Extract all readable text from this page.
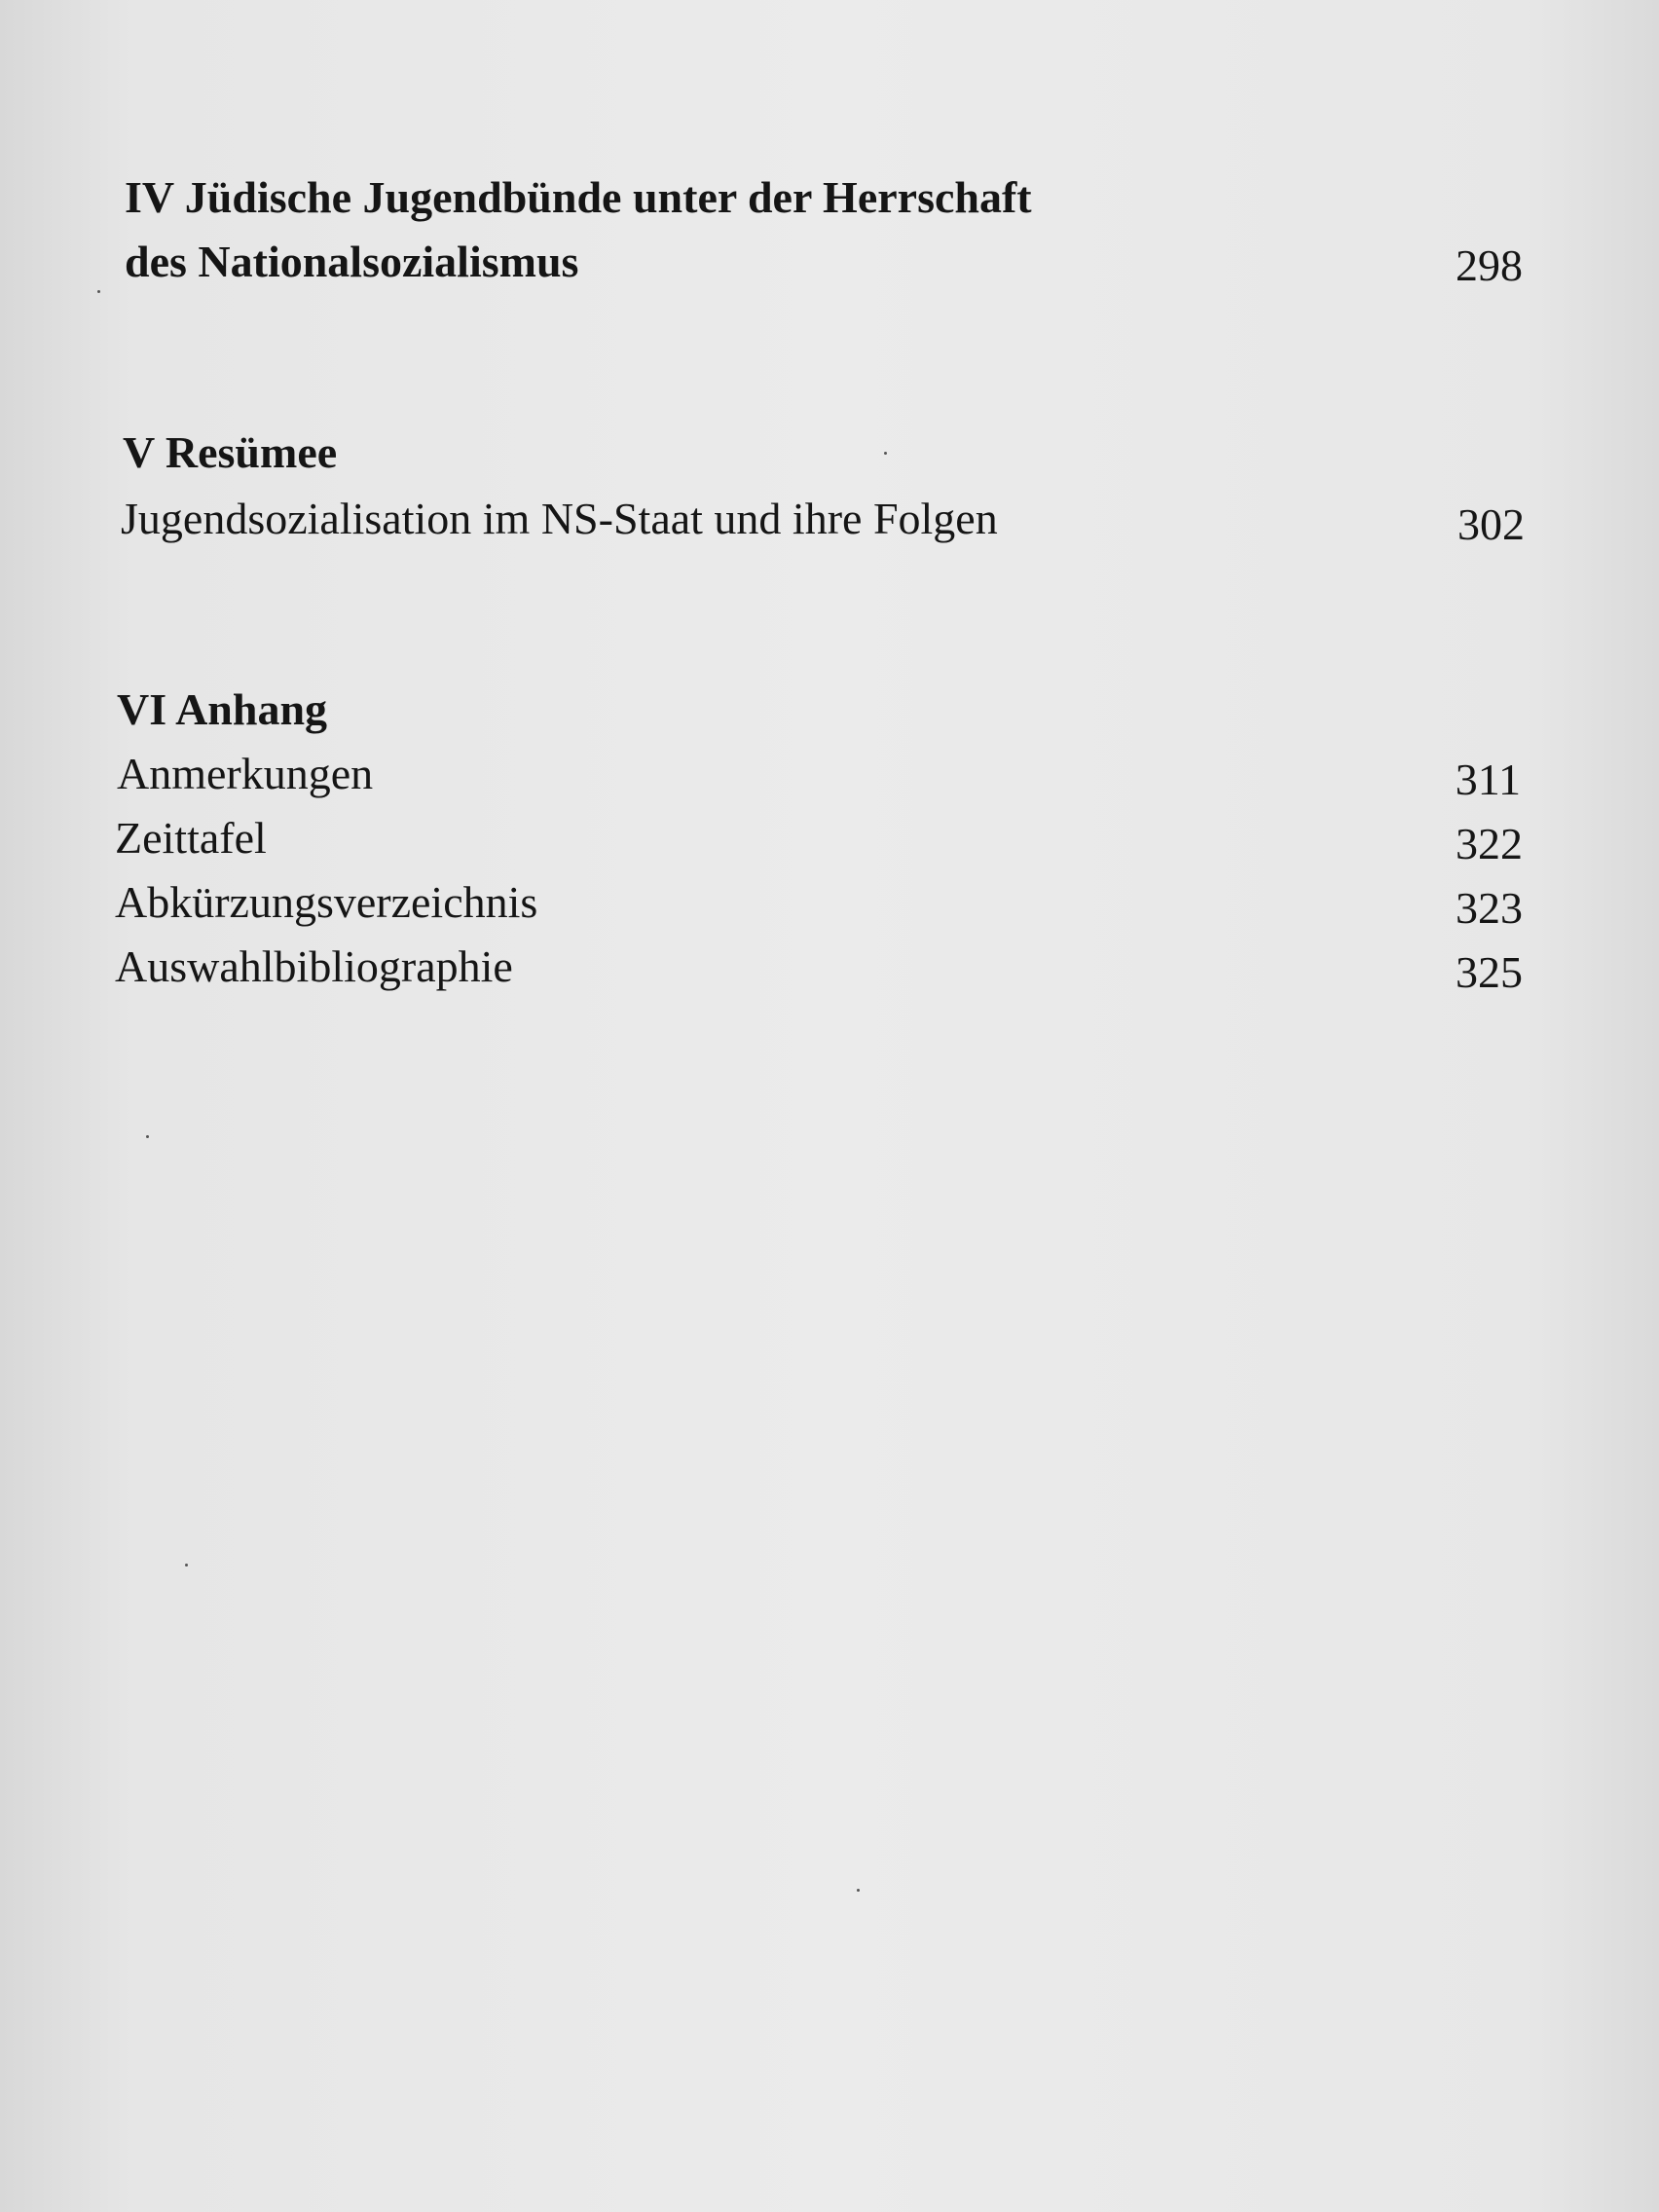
IV Jüdische Jugendbünde unter der Herrschaft
des Nationalsozialismus	298
V Resümee
Jugendsozialisation im NS-Staat und ihre Folgen	302
VI Anhang
Anmerkungen	311
Zeittafel	322
Abkürzungsverzeichnis	323
Auswahlbibliographie	325
